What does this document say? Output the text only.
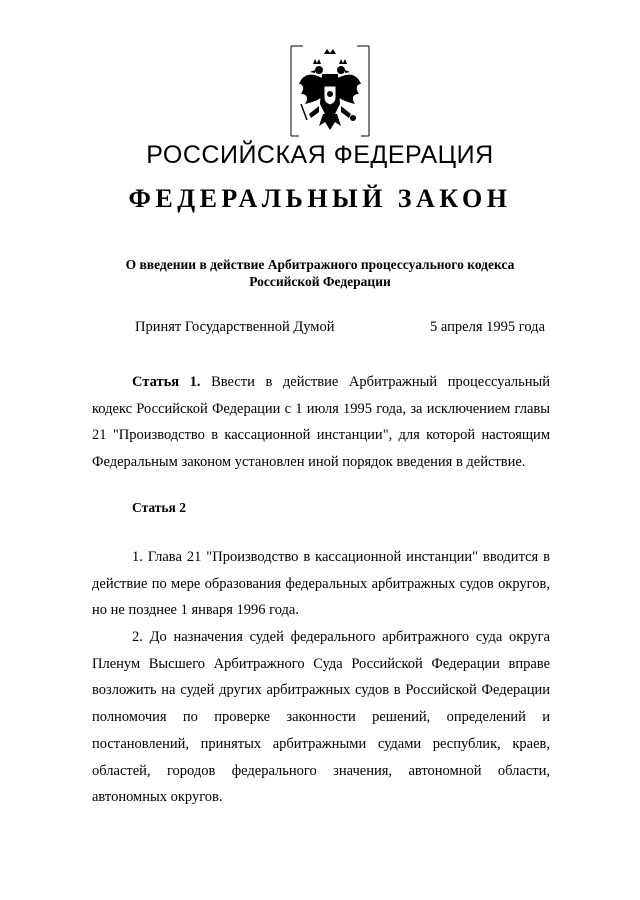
РОССИЙСКАЯ ФЕДЕРАЦИЯ
ФЕДЕРАЛЬНЫЙ ЗАКОН
О введении в действие Арбитражного процессуального кодекса
Российской Федерации
Принят Государственной Думой	5 апреля 1995 года

Статья 1. Ввести в действие Арбитражный процессуальный кодекс Российской Федерации с 1 июля 1995 года, за исключением главы 21 "Производство в кассационной инстанции", для которой настоящим Федеральным законом установлен иной порядок введения в действие.

Статья 2

1. Глава 21 "Производство в кассационной инстанции" вводится в действие по мере образования федеральных арбитражных судов округов, но не позднее 1 января 1996 года.

2. До назначения судей федерального арбитражного суда округа Пленум Высшего Арбитражного Суда Российской Федерации вправе возложить на судей других арбитражных судов в Российской Федерации полномочия по проверке законности решений, определений и постановлений, принятых арбитражными судами республик, краев, областей, городов федерального значения, автономной области, автономных округов.
